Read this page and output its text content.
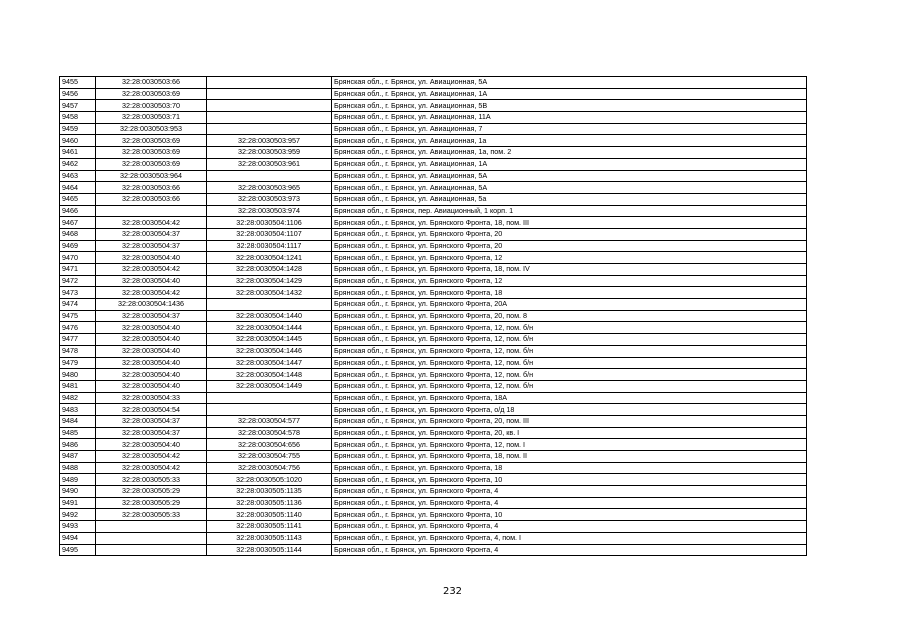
9455	32:28:0030503:66		Брянская обл., г. Брянск, ул. Авиационная, 5А
9456	32:28:0030503:69		Брянская обл., г. Брянск, ул. Авиационная, 1А
9457	32:28:0030503:70		Брянская обл., г. Брянск, ул. Авиационная, 5В
9458	32:28:0030503:71		Брянская обл., г. Брянск, ул. Авиационная, 11А
9459	32:28:0030503:953		Брянская обл., г. Брянск, ул. Авиационная, 7
9460	32:28:0030503:69	32:28:0030503:957	Брянская обл., г. Брянск, ул. Авиационная, 1а
9461	32:28:0030503:69	32:28:0030503:959	Брянская обл., г. Брянск, ул. Авиационная, 1а, пом. 2
9462	32:28:0030503:69	32:28:0030503:961	Брянская обл., г. Брянск, ул. Авиационная, 1А
9463	32:28:0030503:964		Брянская обл., г. Брянск, ул. Авиационная, 5А
9464	32:28:0030503:66	32:28:0030503:965	Брянская обл., г. Брянск, ул. Авиационная, 5А
9465	32:28:0030503:66	32:28:0030503:973	Брянская обл., г. Брянск, ул. Авиационная, 5а
9466		32:28:0030503:974	Брянская обл., г. Брянск, пер. Авиационный, 1 корп. 1
9467	32:28:0030504:42	32:28:0030504:1106	Брянская обл., г. Брянск, ул. Брянского Фронта, 18, пом. III
9468	32:28:0030504:37	32:28:0030504:1107	Брянская обл., г. Брянск, ул. Брянского Фронта, 20
9469	32:28:0030504:37	32:28:0030504:1117	Брянская обл., г. Брянск, ул. Брянского Фронта, 20
9470	32:28:0030504:40	32:28:0030504:1241	Брянская обл., г. Брянск, ул. Брянского Фронта, 12
9471	32:28:0030504:42	32:28:0030504:1428	Брянская обл., г. Брянск, ул. Брянского Фронта, 18, пом. IV
9472	32:28:0030504:40	32:28:0030504:1429	Брянская обл., г. Брянск, ул. Брянского Фронта, 12
9473	32:28:0030504:42	32:28:0030504:1432	Брянская обл., г. Брянск, ул. Брянского Фронта, 18
9474	32:28:0030504:1436		Брянская обл., г. Брянск, ул. Брянского Фронта, 20А
9475	32:28:0030504:37	32:28:0030504:1440	Брянская обл., г. Брянск, ул. Брянского Фронта, 20, пом. 8
9476	32:28:0030504:40	32:28:0030504:1444	Брянская обл., г. Брянск, ул. Брянского Фронта, 12, пом. б/н
9477	32:28:0030504:40	32:28:0030504:1445	Брянская обл., г. Брянск, ул. Брянского Фронта, 12, пом. б/н
9478	32:28:0030504:40	32:28:0030504:1446	Брянская обл., г. Брянск, ул. Брянского Фронта, 12, пом. б/н
9479	32:28:0030504:40	32:28:0030504:1447	Брянская обл., г. Брянск, ул. Брянского Фронта, 12, пом. б/н
9480	32:28:0030504:40	32:28:0030504:1448	Брянская обл., г. Брянск, ул. Брянского Фронта, 12, пом. б/н
9481	32:28:0030504:40	32:28:0030504:1449	Брянская обл., г. Брянск, ул. Брянского Фронта, 12, пом. б/н
9482	32:28:0030504:33		Брянская обл., г. Брянск, ул. Брянского Фронта, 18А
9483	32:28:0030504:54		Брянская обл., г. Брянск, ул. Брянского Фронта, о/д 18
9484	32:28:0030504:37	32:28:0030504:577	Брянская обл., г. Брянск, ул. Брянского Фронта, 20, пом. III
9485	32:28:0030504:37	32:28:0030504:578	Брянская обл., г. Брянск, ул. Брянского Фронта, 20, кв. I
9486	32:28:0030504:40	32:28:0030504:656	Брянская обл., г. Брянск, ул. Брянского Фронта, 12, пом. I
9487	32:28:0030504:42	32:28:0030504:755	Брянская обл., г. Брянск, ул. Брянского Фронта, 18, пом. II
9488	32:28:0030504:42	32:28:0030504:756	Брянская обл., г. Брянск, ул. Брянского Фронта, 18
9489	32:28:0030505:33	32:28:0030505:1020	Брянская обл., г. Брянск, ул. Брянского Фронта, 10
9490	32:28:0030505:29	32:28:0030505:1135	Брянская обл., г. Брянск, ул. Брянского Фронта, 4
9491	32:28:0030505:29	32:28:0030505:1136	Брянская обл., г. Брянск, ул. Брянского Фронта, 4
9492	32:28:0030505:33	32:28:0030505:1140	Брянская обл., г. Брянск, ул. Брянского Фронта, 10
9493		32:28:0030505:1141	Брянская обл., г. Брянск, ул. Брянского Фронта, 4
9494		32:28:0030505:1143	Брянская обл., г. Брянск, ул. Брянского Фронта, 4, пом. I
9495		32:28:0030505:1144	Брянская обл., г. Брянск, ул. Брянского Фронта, 4
232
